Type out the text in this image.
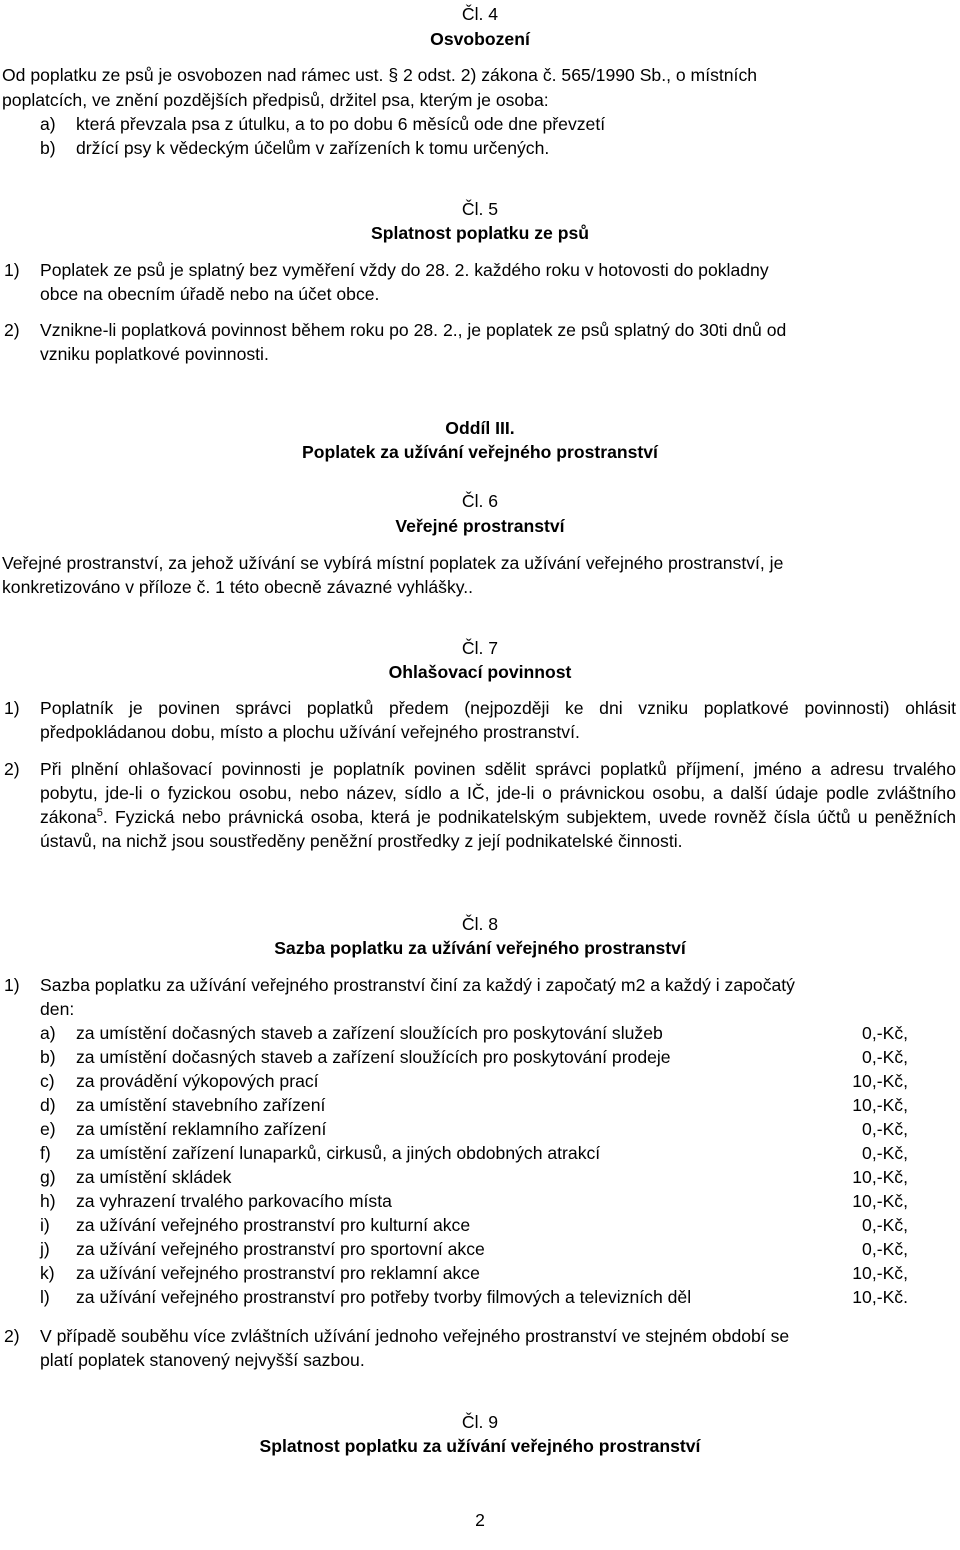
Čl. 4
Osvobození
Od poplatku ze psů je osvobozen nad rámec ust. § 2 odst. 2) zákona č. 565/1990 Sb., o místních
poplatcích, ve znění pozdějších předpisů, držitel psa, kterým je osoba:
a) která převzala psa z útulku, a to po dobu 6 měsíců ode dne převzetí
b) držící psy k vědeckým účelům v zařízeních k tomu určených.
Čl. 5
Splatnost poplatku ze psů
1) Poplatek ze psů je splatný bez vyměření vždy do 28. 2. každého roku v hotovosti do pokladny
obce na obecním úřadě nebo na účet obce.
2) Vznikne-li poplatková povinnost během roku po 28. 2., je poplatek ze psů splatný do 30ti dnů od
vzniku poplatkové povinnosti.
Oddíl III.
Poplatek za užívání veřejného prostranství
Čl. 6
Veřejné prostranství
Veřejné prostranství, za jehož užívání se vybírá místní poplatek za užívání veřejného prostranství, je
konkretizováno v příloze č. 1 této obecně závazné vyhlášky..
Čl. 7
Ohlašovací povinnost
1) Poplatník je povinen správci poplatků předem (nejpozději ke dni vzniku poplatkové povinnosti) ohlásit předpokládanou dobu, místo a plochu užívání veřejného prostranství.
2) Při plnění ohlašovací povinnosti je poplatník povinen sdělit správci poplatků příjmení, jméno a adresu trvalého pobytu, jde-li o fyzickou osobu, nebo název, sídlo a IČ, jde-li o právnickou osobu, a další údaje podle zvláštního zákona$^5$. Fyzická nebo právnická osoba, která je podnikatelským subjektem, uvede rovněž čísla účtů u peněžních ústavů, na nichž jsou soustředěny peněžní prostředky z její podnikatelské činnosti.
Čl. 8
Sazba poplatku za užívání veřejného prostranství
1) Sazba poplatku za užívání veřejného prostranství činí za každý i započatý m2 a každý i započatý
den:
a) za umístění dočasných staveb a zařízení sloužících pro poskytování služeb	0,-Kč,
b) za umístění dočasných staveb a zařízení sloužících pro poskytování prodeje	0,-Kč,
c) za provádění výkopových prací	10,-Kč,
d) za umístění stavebního zařízení	10,-Kč,
e) za umístění reklamního zařízení	0,-Kč,
f) za umístění zařízení lunaparků, cirkusů, a jiných obdobných atrakcí	0,-Kč,
g) za umístění skládek	10,-Kč,
h) za vyhrazení trvalého parkovacího místa	10,-Kč,
i) za užívání veřejného prostranství pro kulturní akce	0,-Kč,
j) za užívání veřejného prostranství pro sportovní akce	0,-Kč,
k) za užívání veřejného prostranství pro reklamní akce	10,-Kč,
l) za užívání veřejného prostranství pro potřeby tvorby filmových a televizních děl	10,-Kč.
2) V případě souběhu více zvláštních užívání jednoho veřejného prostranství ve stejném období se
platí poplatek stanovený nejvyšší sazbou.
Čl. 9
Splatnost poplatku za užívání veřejného prostranství
2
